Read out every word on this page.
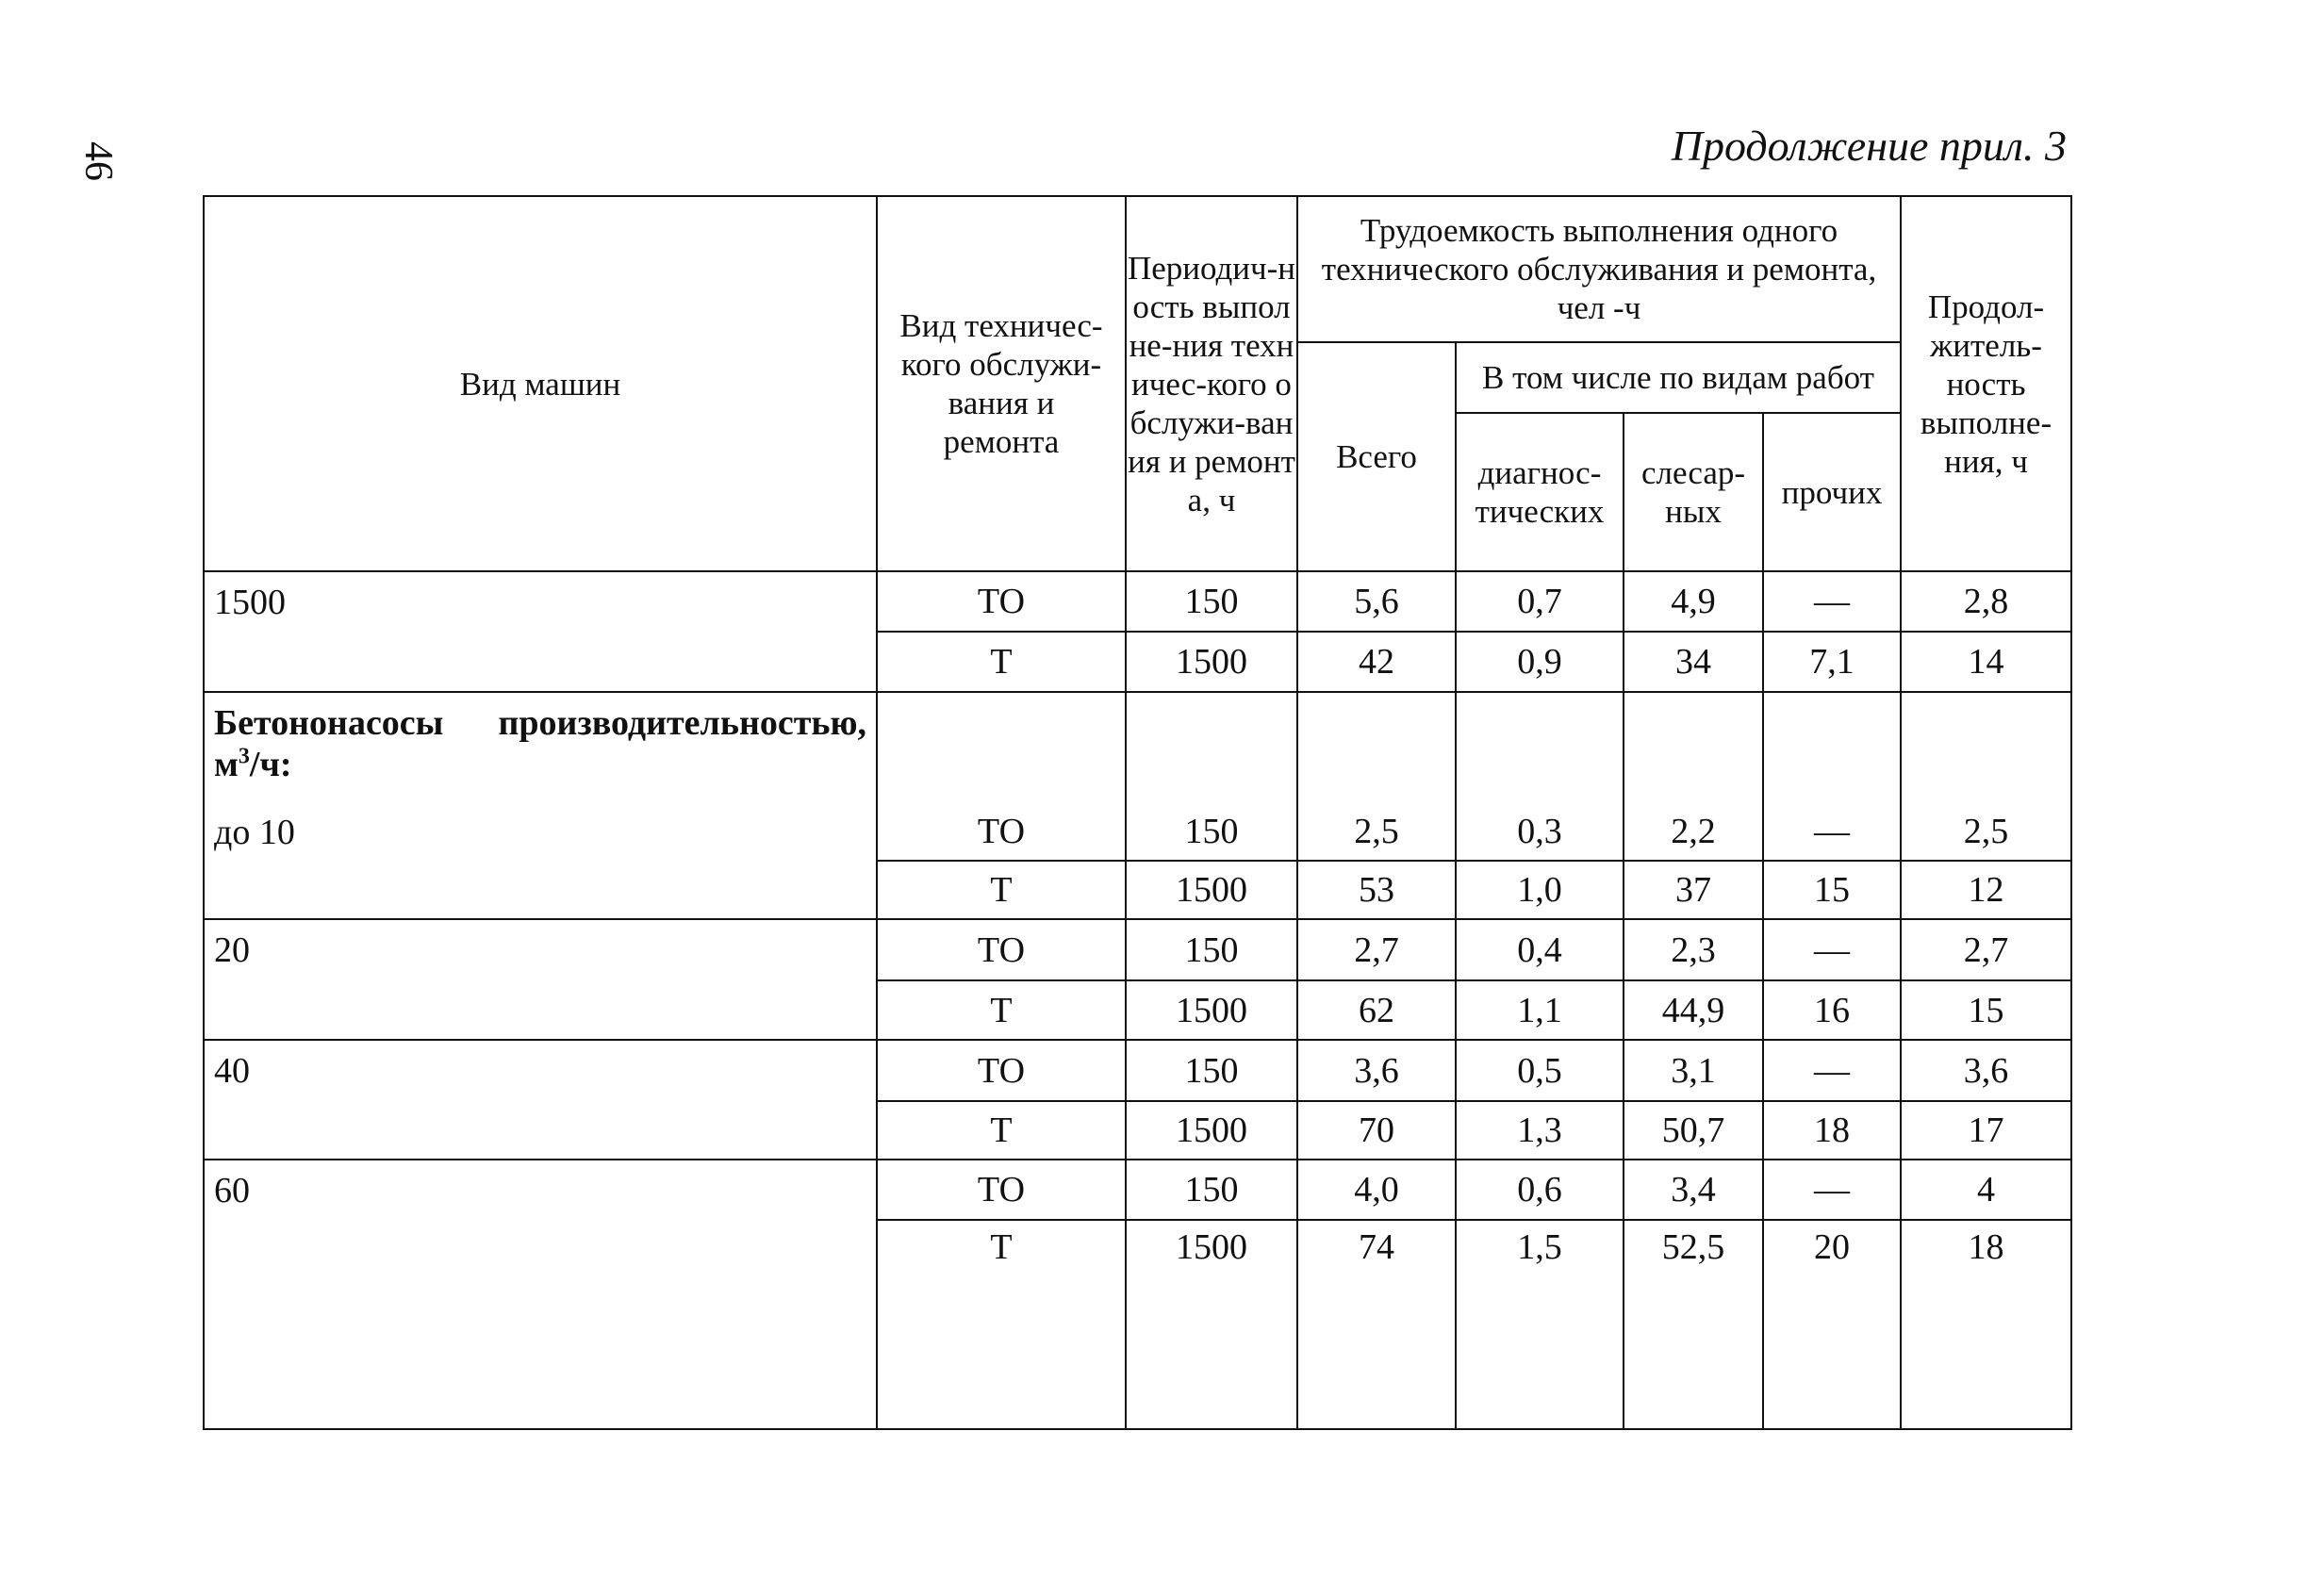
46	Продолжение прил. 3
Вид машин	Вид техничес-кого обслужи-вания и ремонта	Периодич-ность выполне-ния техничес-кого обслужи-вания и ремонта, ч	Трудоемкость выполнения одного технического обслуживания и ремонта, чел -ч				Продол-житель-ность выполне-ния, ч

			Всего	В том числе по видам работ			

				диагнос-тических	слесар-ных	прочих	
1500	ТО	150	5,6	0,7	4,9	—	2,8
	Т	1500	42	0,9	34	7,1	14

Бетононасосы производительностью, $м^3/ч$:
до 10	ТО	150	2,5	0,3	2,2	—	2,5
	Т	1500	53	1,0	37	15	12
20	ТО	150	2,7	0,4	2,3	—	2,7
	Т	1500	62	1,1	44,9	16	15
40	ТО	150	3,6	0,5	3,1	—	3,6
	Т	1500	70	1,3	50,7	18	17
60	ТО	150	4,0	0,6	3,4	—	4
	Т	1500	74	1,5	52,5	20	18
